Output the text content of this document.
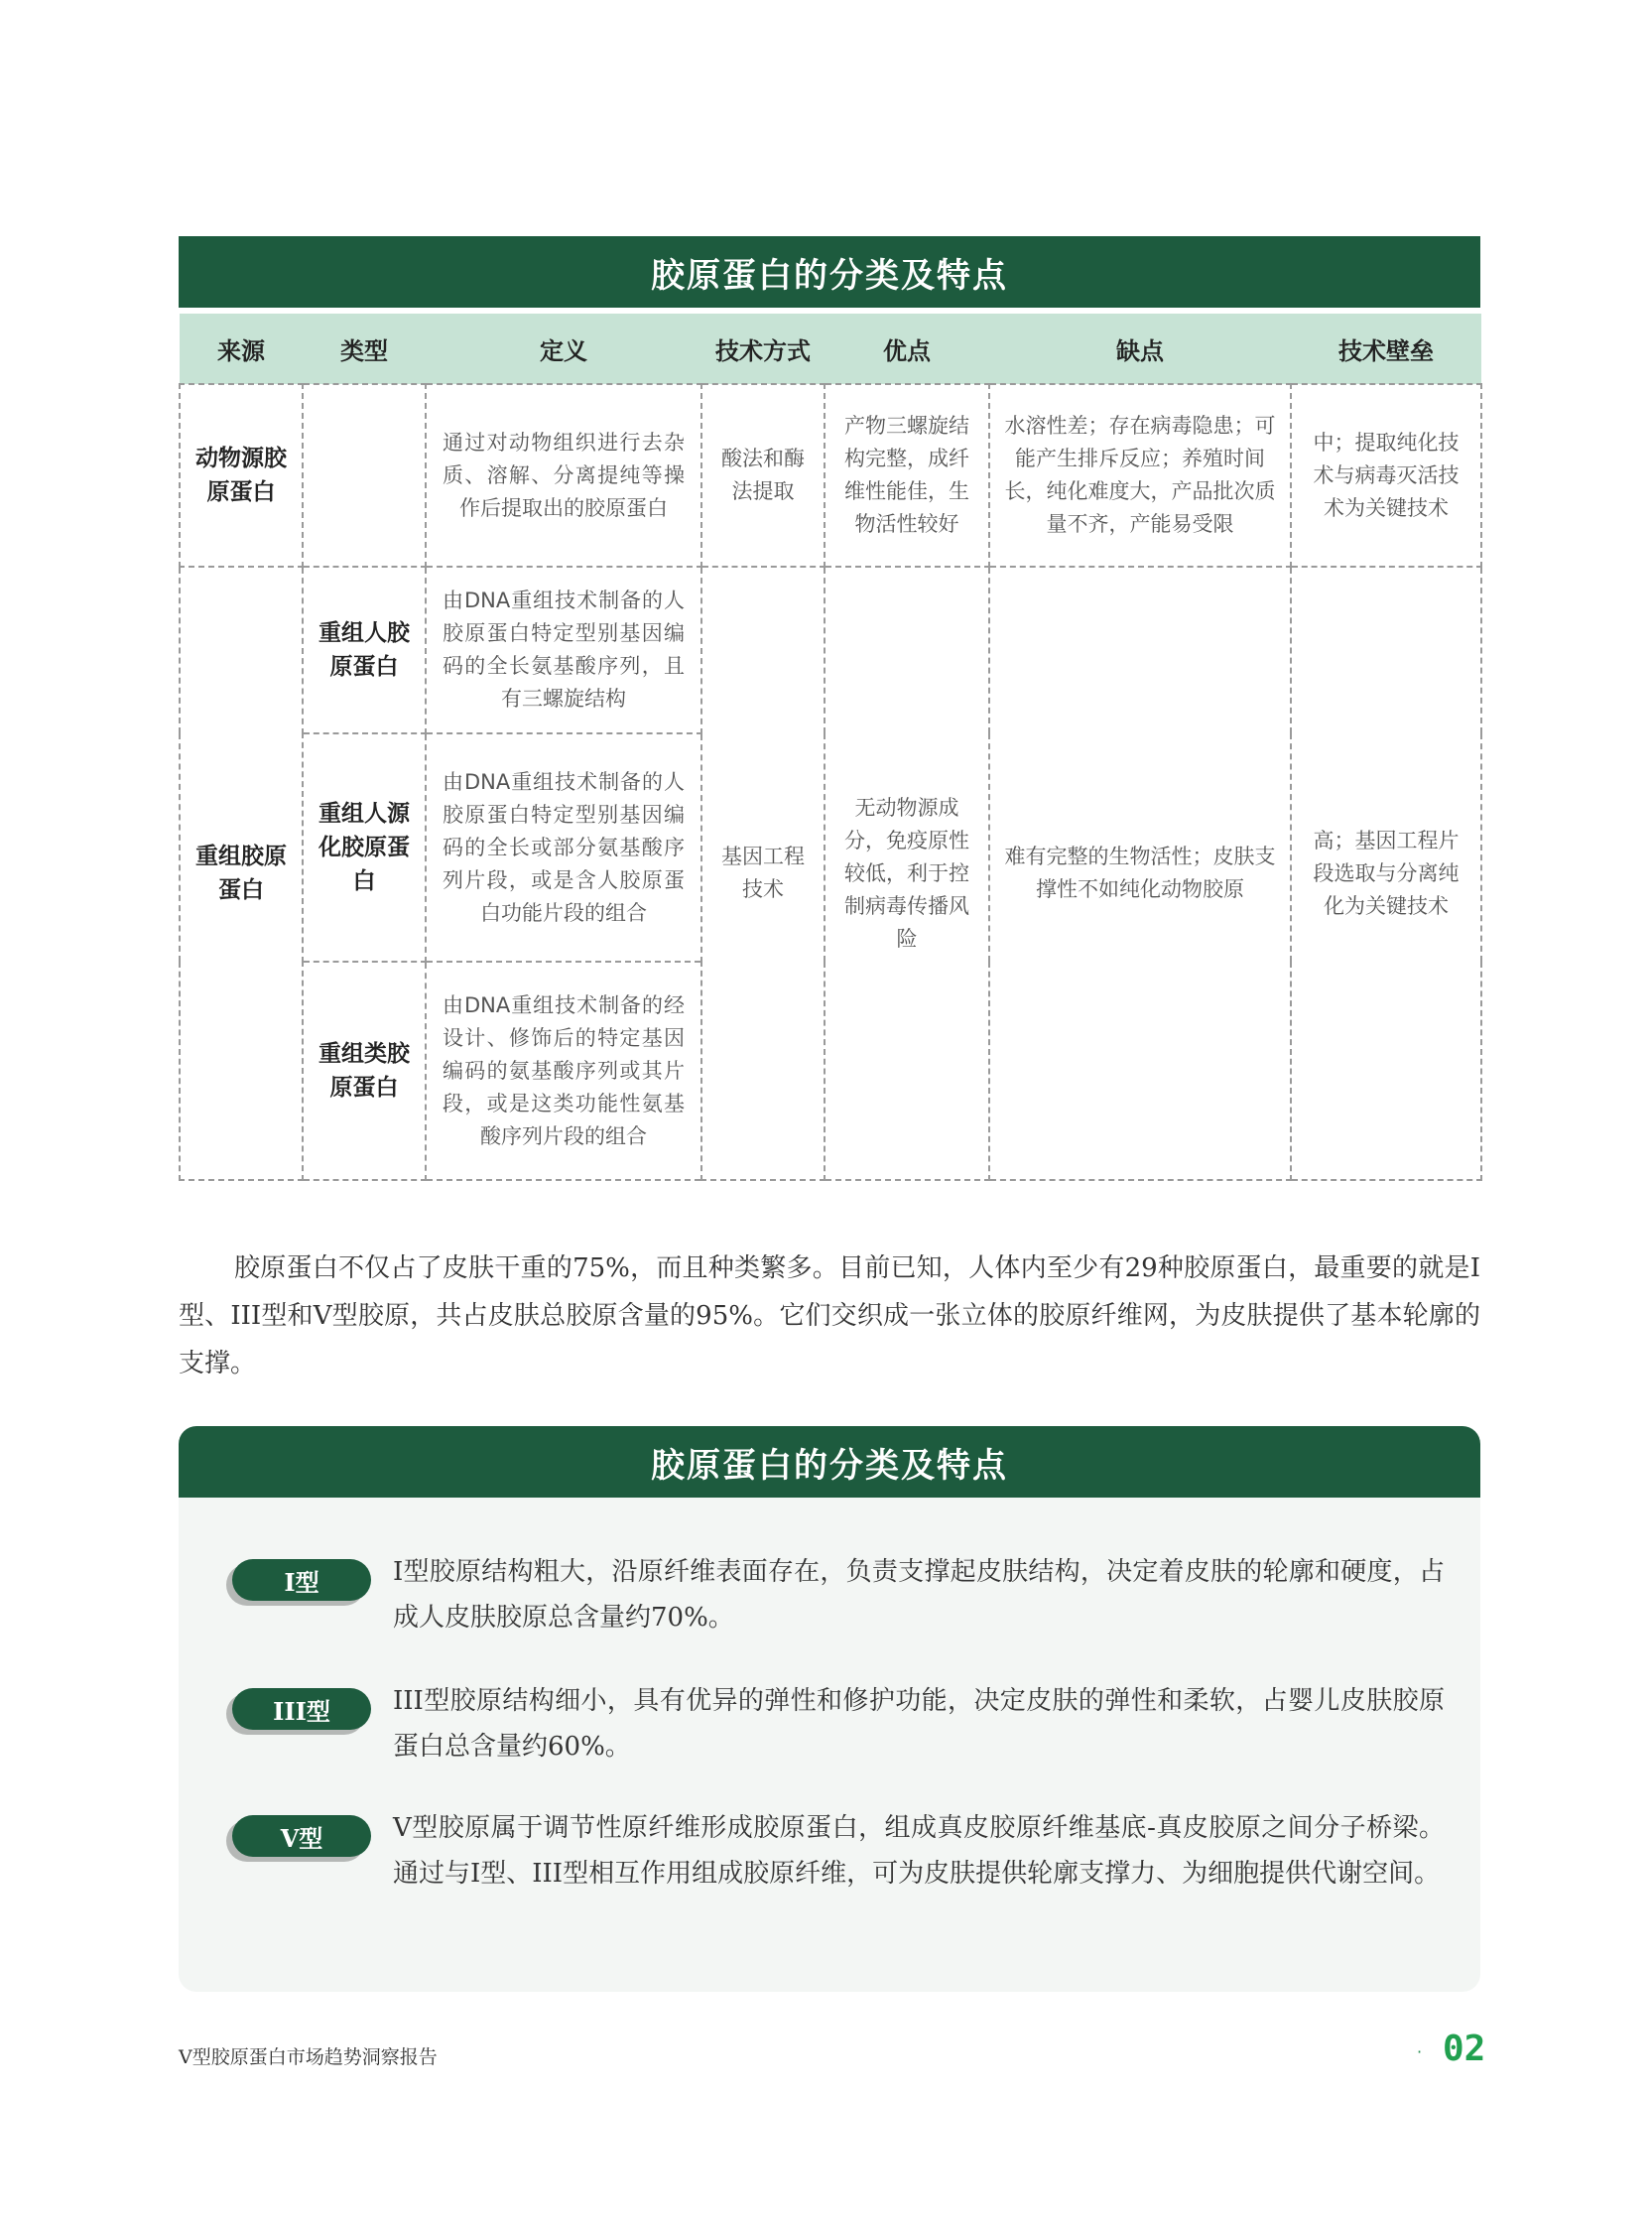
胶原蛋白的分类及特点
来源	类型	定义	技术方式	优点	缺点	技术壁垒
动物源胶原蛋白		通过对动物组织进行去杂质、溶解、分离提纯等操作后提取出的胶原蛋白	酸法和酶法提取	产物三螺旋结构完整，成纤维性能佳，生物活性较好	水溶性差；存在病毒隐患；可能产生排斥反应；养殖时间长，纯化难度大，产品批次质量不齐，产能易受限	中；提取纯化技术与病毒灭活技术为关键技术
重组胶原蛋白	重组人胶原蛋白	由DNA重组技术制备的人胶原蛋白特定型别基因编码的全长氨基酸序列，且有三螺旋结构	基因工程技术	无动物源成分，免疫原性较低，利于控制病毒传播风险	难有完整的生物活性；皮肤支撑性不如纯化动物胶原	高；基因工程片段选取与分离纯化为关键技术
	重组人源化胶原蛋白	由DNA重组技术制备的人胶原蛋白特定型别基因编码的全长或部分氨基酸序列片段，或是含人胶原蛋白功能片段的组合				
	重组类胶原蛋白	由DNA重组技术制备的经设计、修饰后的特定基因编码的氨基酸序列或其片段，或是这类功能性氨基酸序列片段的组合				

胶原蛋白不仅占了皮肤干重的75%，而且种类繁多。目前已知，人体内至少有29种胶原蛋白，最重要的就是I型、III型和V型胶原，共占皮肤总胶原含量的95%。它们交织成一张立体的胶原纤维网，为皮肤提供了基本轮廓的支撑。

胶原蛋白的分类及特点
I型	I型胶原结构粗大，沿原纤维表面存在，负责支撑起皮肤结构，决定着皮肤的轮廓和硬度，占成人皮肤胶原总含量约70%。

III型	III型胶原结构细小，具有优异的弹性和修护功能，决定皮肤的弹性和柔软，占婴儿皮肤胶原蛋白总含量约60%。

V型	V型胶原属于调节性原纤维形成胶原蛋白，组成真皮胶原纤维基底-真皮胶原之间分子桥梁。通过与I型、III型相互作用组成胶原纤维，可为皮肤提供轮廓支撑力、为细胞提供代谢空间。

V型胶原蛋白市场趋势洞察报告	· 02
